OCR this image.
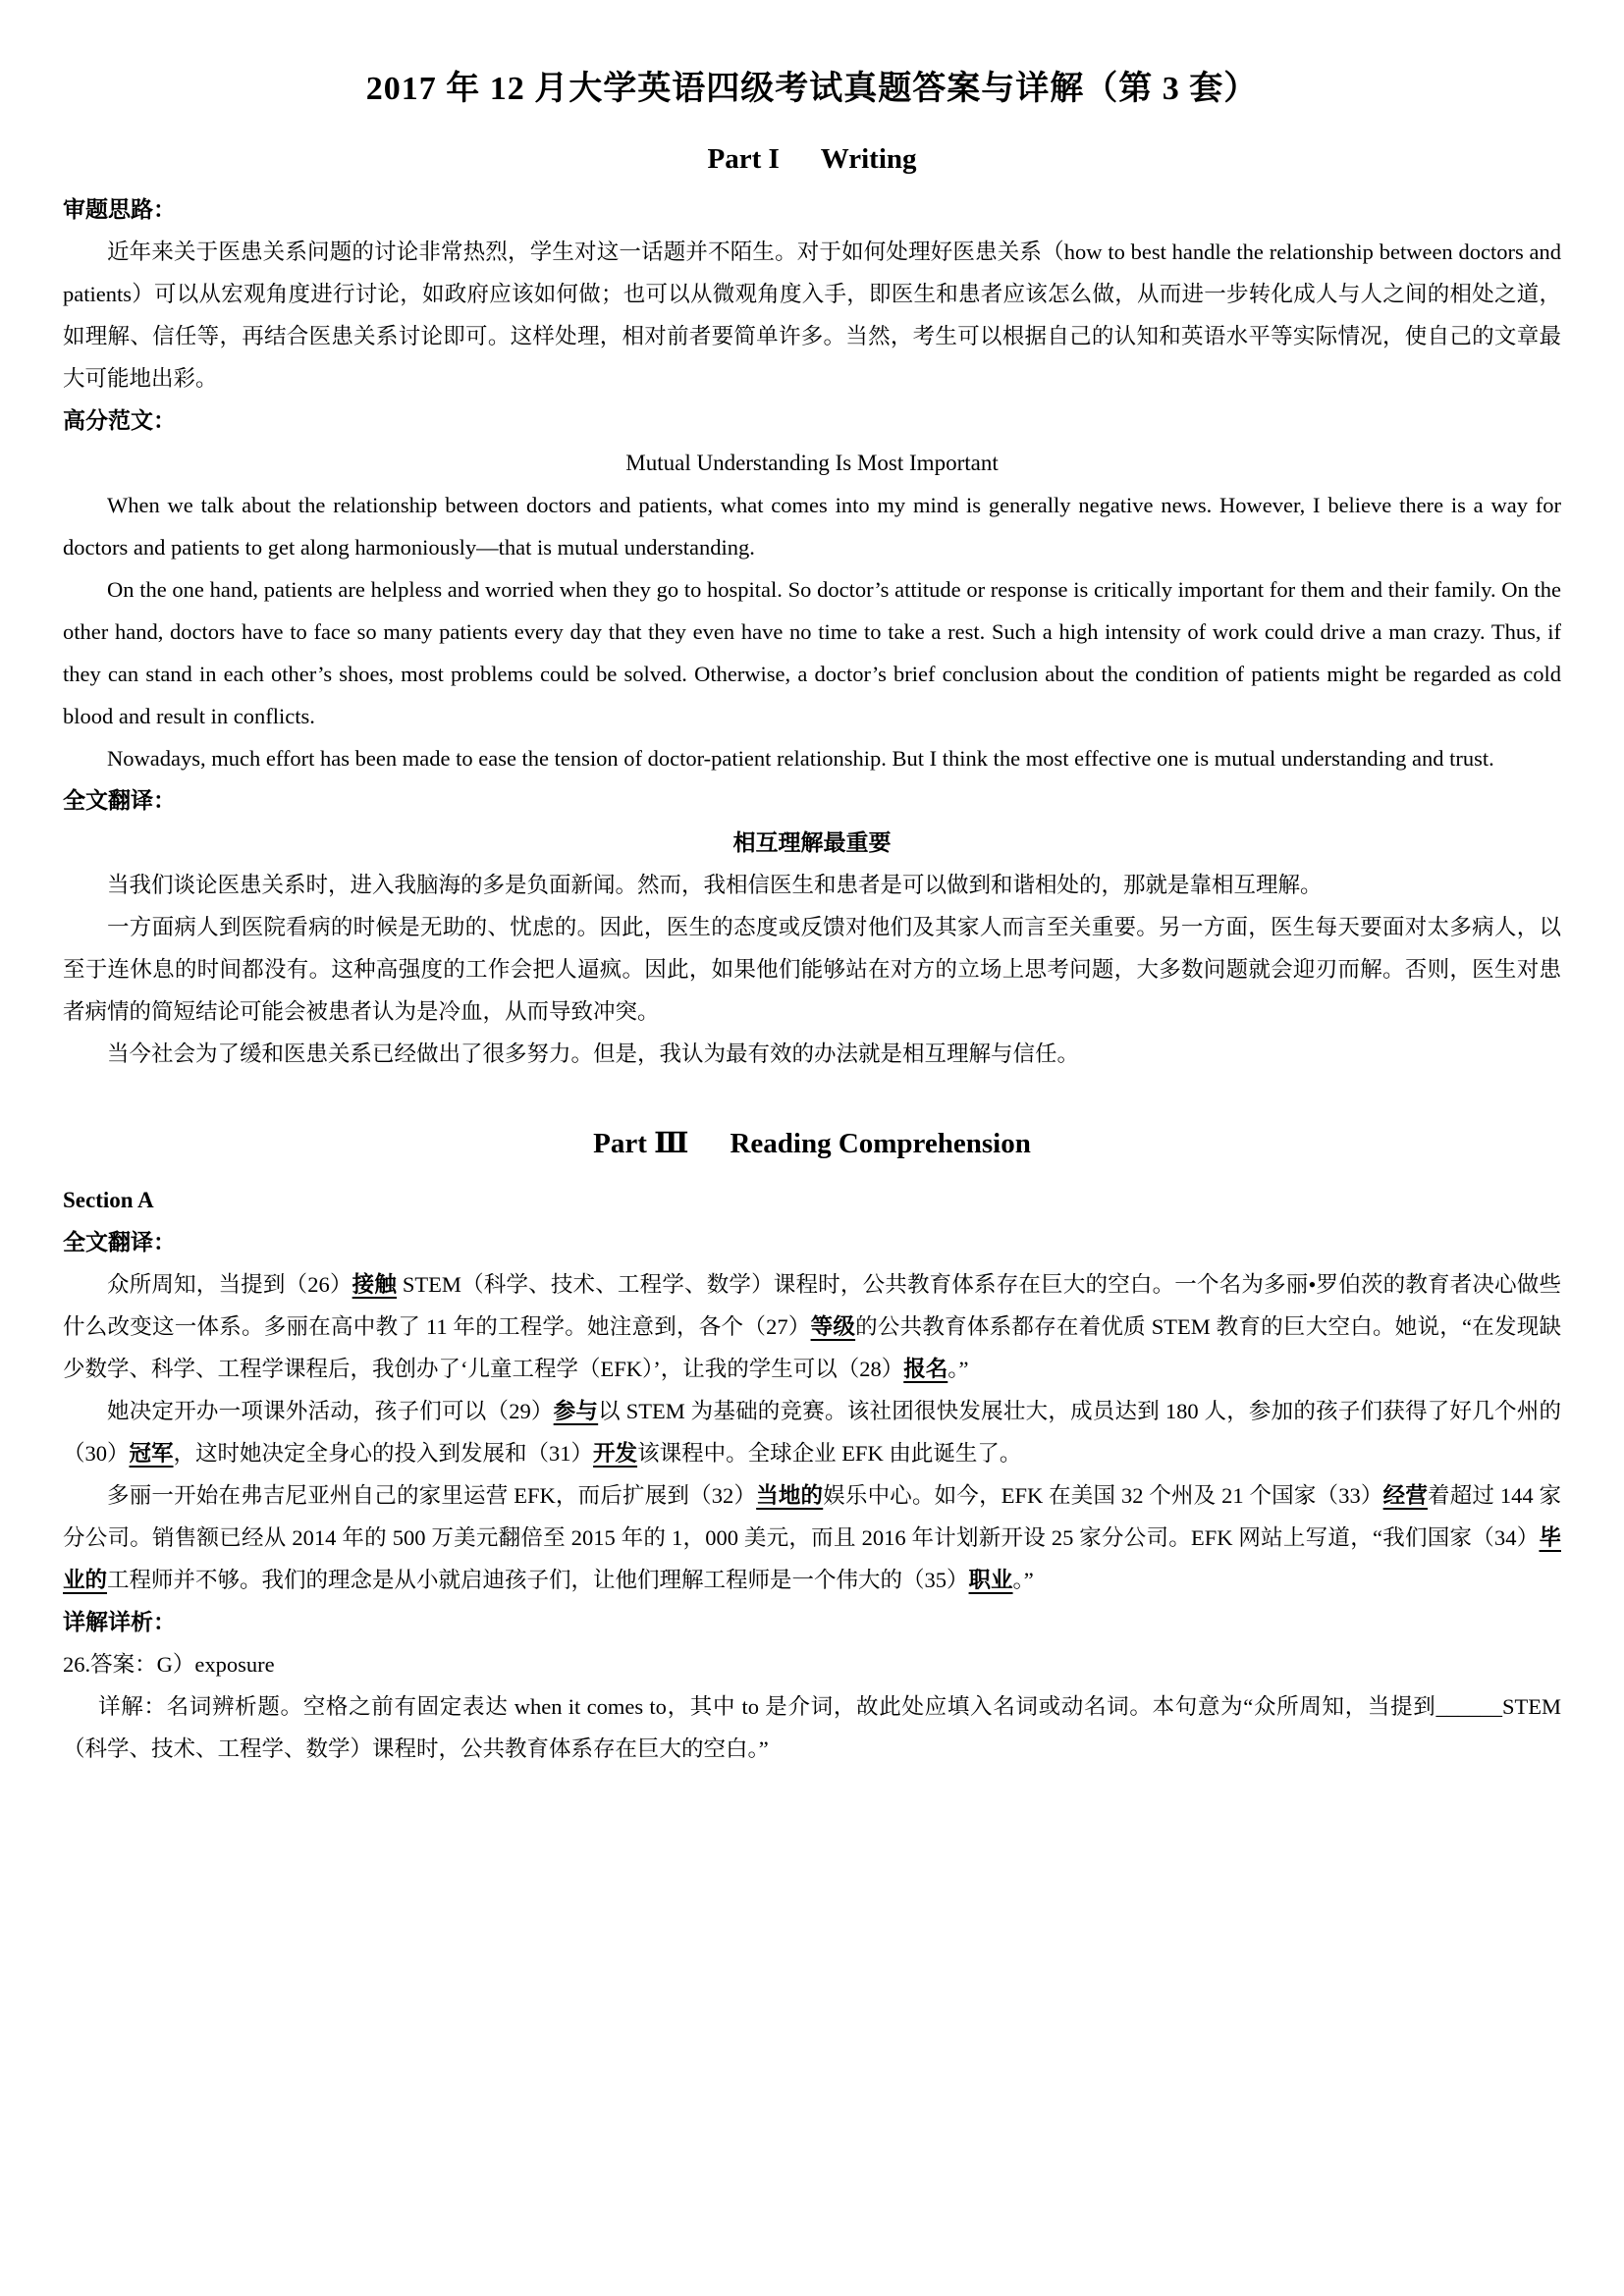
2017 年 12 月大学英语四级考试真题答案与详解（第 3 套）
Part I Writing
审题思路：

近年来关于医患关系问题的讨论非常热烈，学生对这一话题并不陌生。对于如何处理好医患关系（how to best handle the relationship between doctors and patients）可以从宏观角度进行讨论，如政府应该如何做；也可以从微观角度入手，即医生和患者应该怎么做，从而进一步转化成人与人之间的相处之道，如理解、信任等，再结合医患关系讨论即可。这样处理，相对前者要简单许多。当然，考生可以根据自己的认知和英语水平等实际情况，使自己的文章最大可能地出彩。

高分范文：

Mutual Understanding Is Most Important

When we talk about the relationship between doctors and patients, what comes into my mind is generally negative news. However, I believe there is a way for doctors and patients to get along harmoniously—that is mutual understanding.

On the one hand, patients are helpless and worried when they go to hospital. So doctor’s attitude or response is critically important for them and their family. On the other hand, doctors have to face so many patients every day that they even have no time to take a rest. Such a high intensity of work could drive a man crazy. Thus, if they can stand in each other’s shoes, most problems could be solved. Otherwise, a doctor’s brief conclusion about the condition of patients might be regarded as cold blood and result in conflicts.

Nowadays, much effort has been made to ease the tension of doctor-patient relationship. But I think the most effective one is mutual understanding and trust.

全文翻译：

相互理解最重要

当我们谈论医患关系时，进入我脑海的多是负面新闻。然而，我相信医生和患者是可以做到和谐相处的，那就是靠相互理解。

一方面病人到医院看病的时候是无助的、忧虑的。因此，医生的态度或反馈对他们及其家人而言至关重要。另一方面，医生每天要面对太多病人，以至于连休息的时间都没有。这种高强度的工作会把人逼疯。因此，如果他们能够站在对方的立场上思考问题，大多数问题就会迎刃而解。否则，医生对患者病情的简短结论可能会被患者认为是冷血，从而导致冲突。

当今社会为了缓和医患关系已经做出了很多努力。但是，我认为最有效的办法就是相互理解与信任。

Part Ⅲ Reading Comprehension
Section A
全文翻译：

众所周知，当提到（26）接触 STEM（科学、技术、工程学、数学）课程时，公共教育体系存在巨大的空白。一个名为多丽•罗伯茨的教育者决心做些什么改变这一体系。多丽在高中教了 11 年的工程学。她注意到，各个（27）等级的公共教育体系都存在着优质 STEM 教育的巨大空白。她说，“在发现缺少数学、科学、工程学课程后，我创办了‘儿童工程学（EFK）’，让我的学生可以（28）报名。”

她决定开办一项课外活动，孩子们可以（29）参与以 STEM 为基础的竞赛。该社团很快发展壮大，成员达到 180 人，参加的孩子们获得了好几个州的（30）冠军，这时她决定全身心的投入到发展和（31）开发该课程中。全球企业 EFK 由此诞生了。

多丽一开始在弗吉尼亚州自己的家里运营 EFK，而后扩展到（32）当地的娱乐中心。如今，EFK 在美国 32 个州及 21 个国家（33）经营着超过 144 家分公司。销售额已经从 2014 年的 500 万美元翻倍至 2015 年的 1，000 美元，而且 2016 年计划新开设 25 家分公司。EFK 网站上写道，“我们国家（34）毕业的工程师并不够。我们的理念是从小就启迪孩子们，让他们理解工程师是一个伟大的（35）职业。”

详解详析：

26.答案：G）exposure

详解：名词辨析题。空格之前有固定表达 when it comes to，其中 to 是介词，故此处应填入名词或动名词。本句意为“众所周知，当提到______STEM（科学、技术、工程学、数学）课程时，公共教育体系存在巨大的空白。”
